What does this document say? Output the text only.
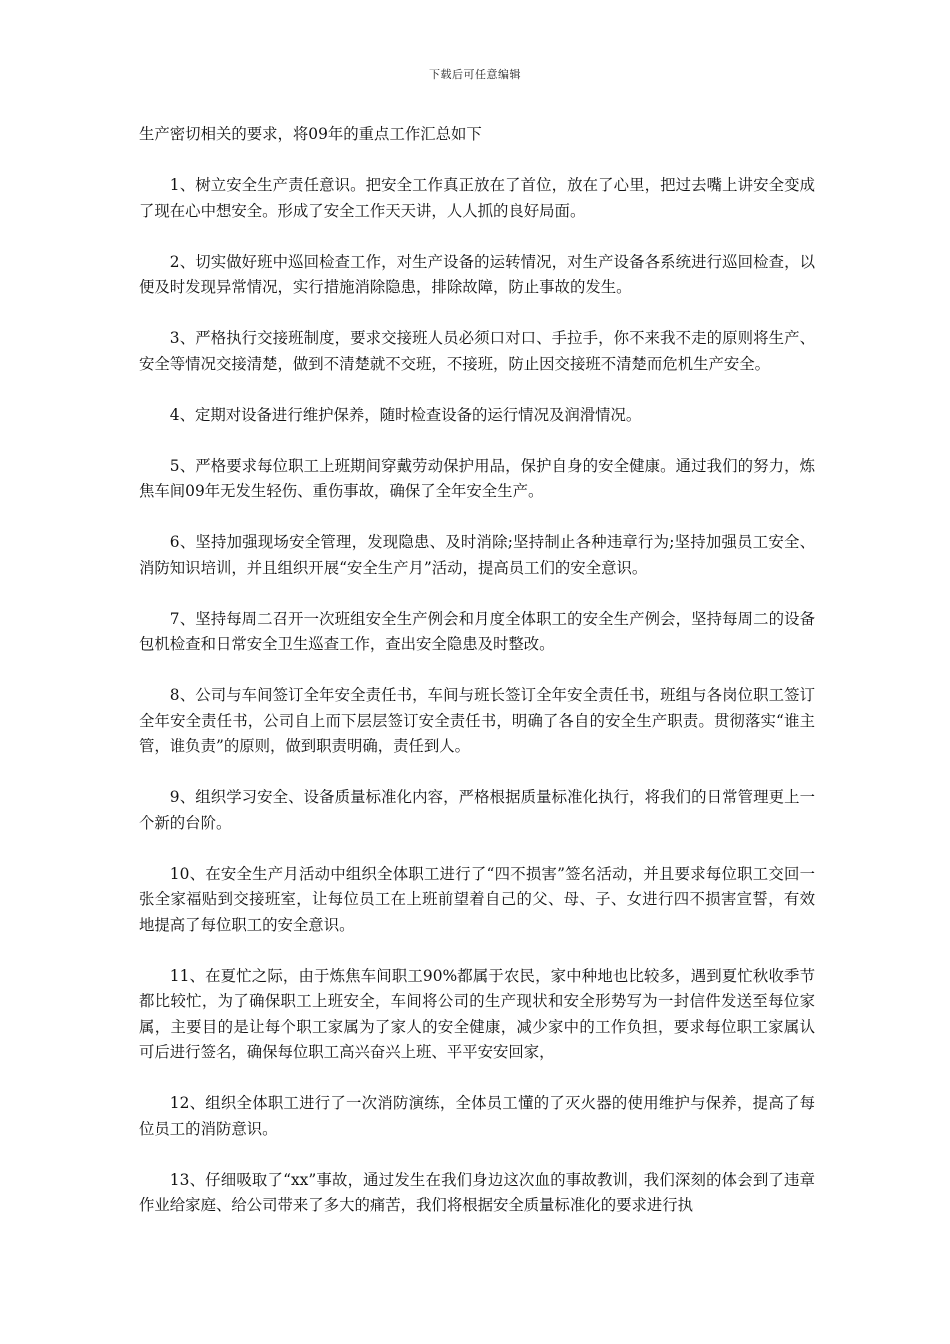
下载后可任意编辑

生产密切相关的要求，将09年的重点工作汇总如下

1、树立安全生产责任意识。把安全工作真正放在了首位，放在了心里，把过去嘴上讲安全变成了现在心中想安全。形成了安全工作天天讲，人人抓的良好局面。

2、切实做好班中巡回检查工作，对生产设备的运转情况，对生产设备各系统进行巡回检查，以便及时发现异常情况，实行措施消除隐患，排除故障，防止事故的发生。

3、严格执行交接班制度，要求交接班人员必须口对口、手拉手，你不来我不走的原则将生产、安全等情况交接清楚，做到不清楚就不交班，不接班，防止因交接班不清楚而危机生产安全。

4、定期对设备进行维护保养，随时检查设备的运行情况及润滑情况。

5、严格要求每位职工上班期间穿戴劳动保护用品，保护自身的安全健康。通过我们的努力，炼焦车间09年无发生轻伤、重伤事故，确保了全年安全生产。

6、坚持加强现场安全管理，发现隐患、及时消除;坚持制止各种违章行为;坚持加强员工安全、消防知识培训，并且组织开展“安全生产月”活动，提高员工们的安全意识。

7、坚持每周二召开一次班组安全生产例会和月度全体职工的安全生产例会，坚持每周二的设备包机检查和日常安全卫生巡查工作，查出安全隐患及时整改。

8、公司与车间签订全年安全责任书，车间与班长签订全年安全责任书，班组与各岗位职工签订全年安全责任书，公司自上而下层层签订安全责任书，明确了各自的安全生产职责。贯彻落实“谁主管，谁负责”的原则，做到职责明确，责任到人。

9、组织学习安全、设备质量标准化内容，严格根据质量标准化执行，将我们的日常管理更上一个新的台阶。

10、在安全生产月活动中组织全体职工进行了“四不损害”签名活动，并且要求每位职工交回一张全家福贴到交接班室，让每位员工在上班前望着自己的父、母、子、女进行四不损害宣誓，有效地提高了每位职工的安全意识。

11、在夏忙之际，由于炼焦车间职工90%都属于农民，家中种地也比较多，遇到夏忙秋收季节都比较忙，为了确保职工上班安全，车间将公司的生产现状和安全形势写为一封信件发送至每位家属，主要目的是让每个职工家属为了家人的安全健康，减少家中的工作负担，要求每位职工家属认可后进行签名，确保每位职工高兴奋兴上班、平平安安回家，

12、组织全体职工进行了一次消防演练，全体员工懂的了灭火器的使用维护与保养，提高了每位员工的消防意识。

13、仔细吸取了“xx”事故，通过发生在我们身边这次血的事故教训，我们深刻的体会到了违章作业给家庭、给公司带来了多大的痛苦，我们将根据安全质量标准化的要求进行执
